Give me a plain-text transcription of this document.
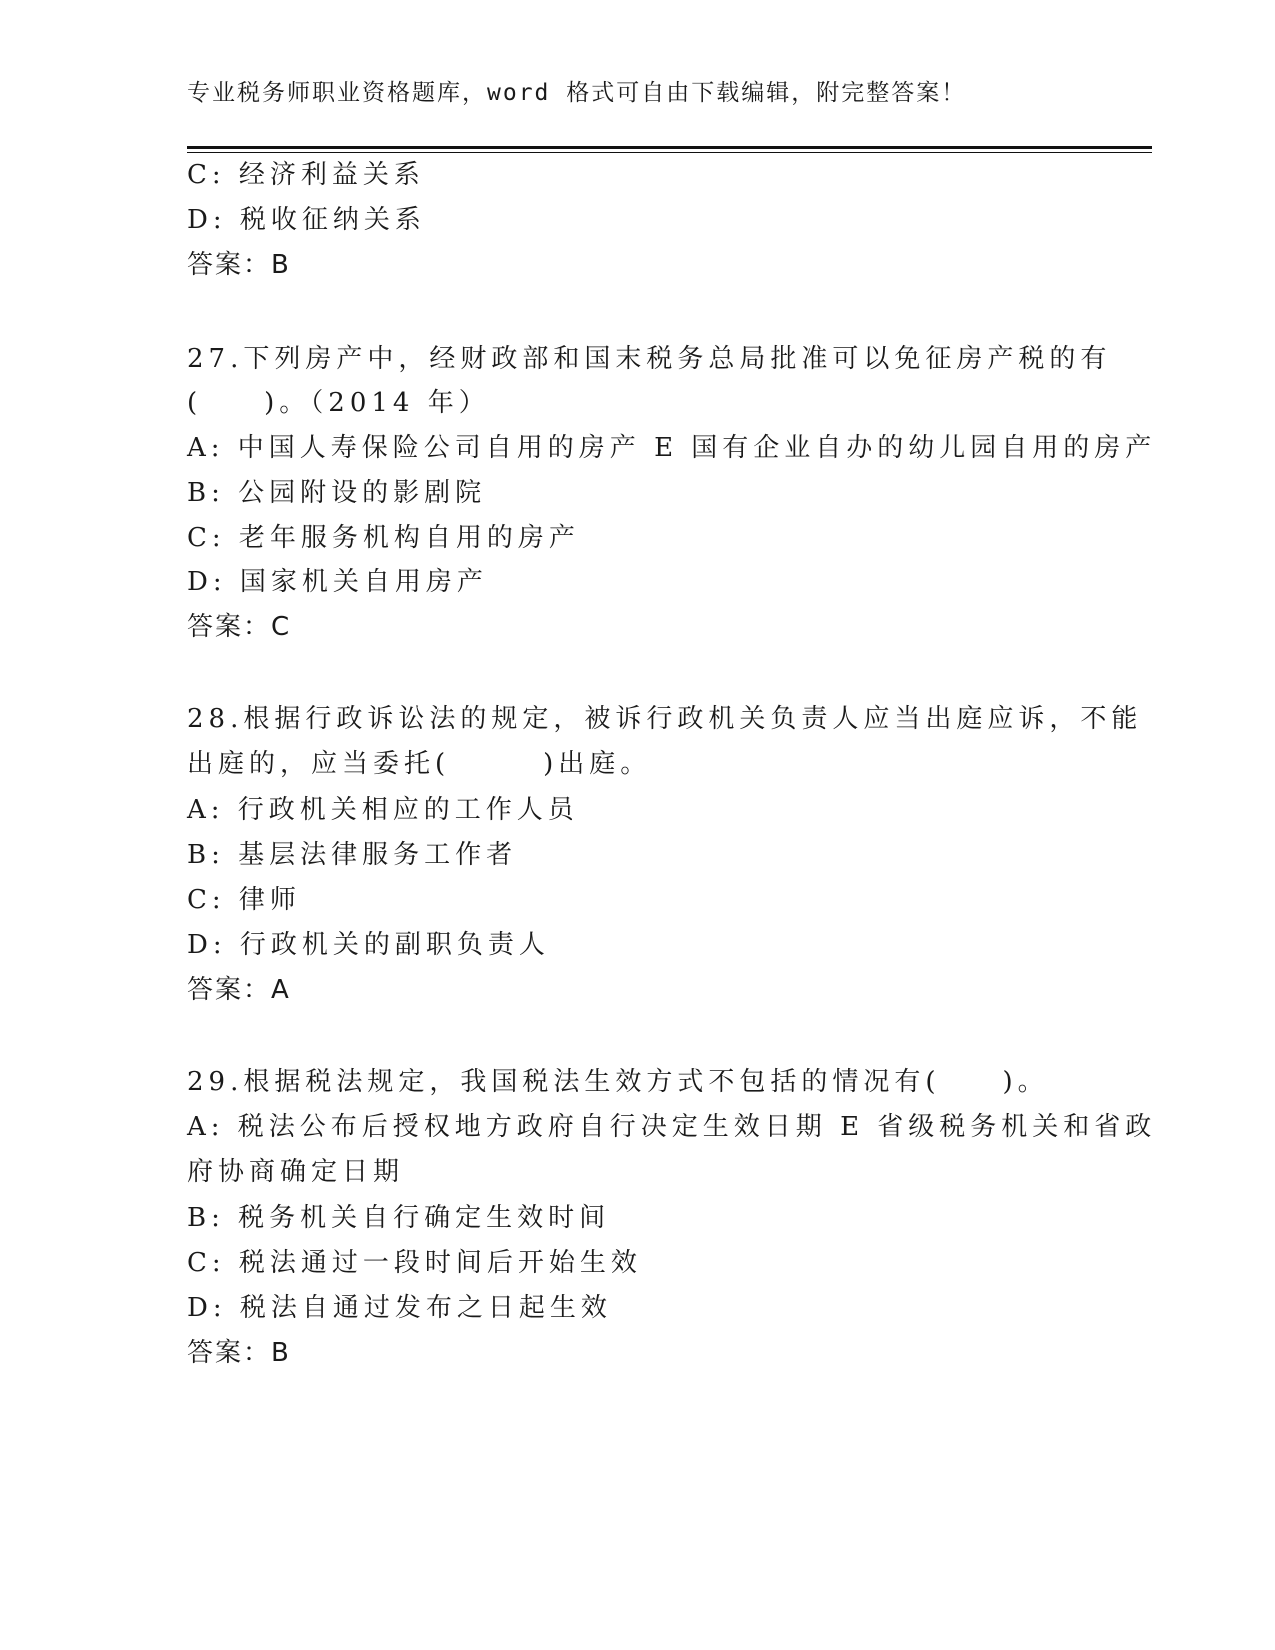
专业税务师职业资格题库，word 格式可自由下载编辑，附完整答案！
C: 经济利益关系
D: 税收征纳关系
答案：B
27.下列房产中，经财政部和国末税务总局批准可以免征房产税的有
(　　)。（2014 年）
A: 中国人寿保险公司自用的房产 E 国有企业自办的幼儿园自用的房产
B: 公园附设的影剧院
C: 老年服务机构自用的房产
D: 国家机关自用房产
答案：C
28.根据行政诉讼法的规定，被诉行政机关负责人应当出庭应诉，不能
出庭的，应当委托(　　　)出庭。
A: 行政机关相应的工作人员
B: 基层法律服务工作者
C: 律师
D: 行政机关的副职负责人
答案：A
29.根据税法规定，我国税法生效方式不包括的情况有(　　)。
A: 税法公布后授权地方政府自行决定生效日期 E 省级税务机关和省政
府协商确定日期
B: 税务机关自行确定生效时间
C: 税法通过一段时间后开始生效
D: 税法自通过发布之日起生效
答案：B
